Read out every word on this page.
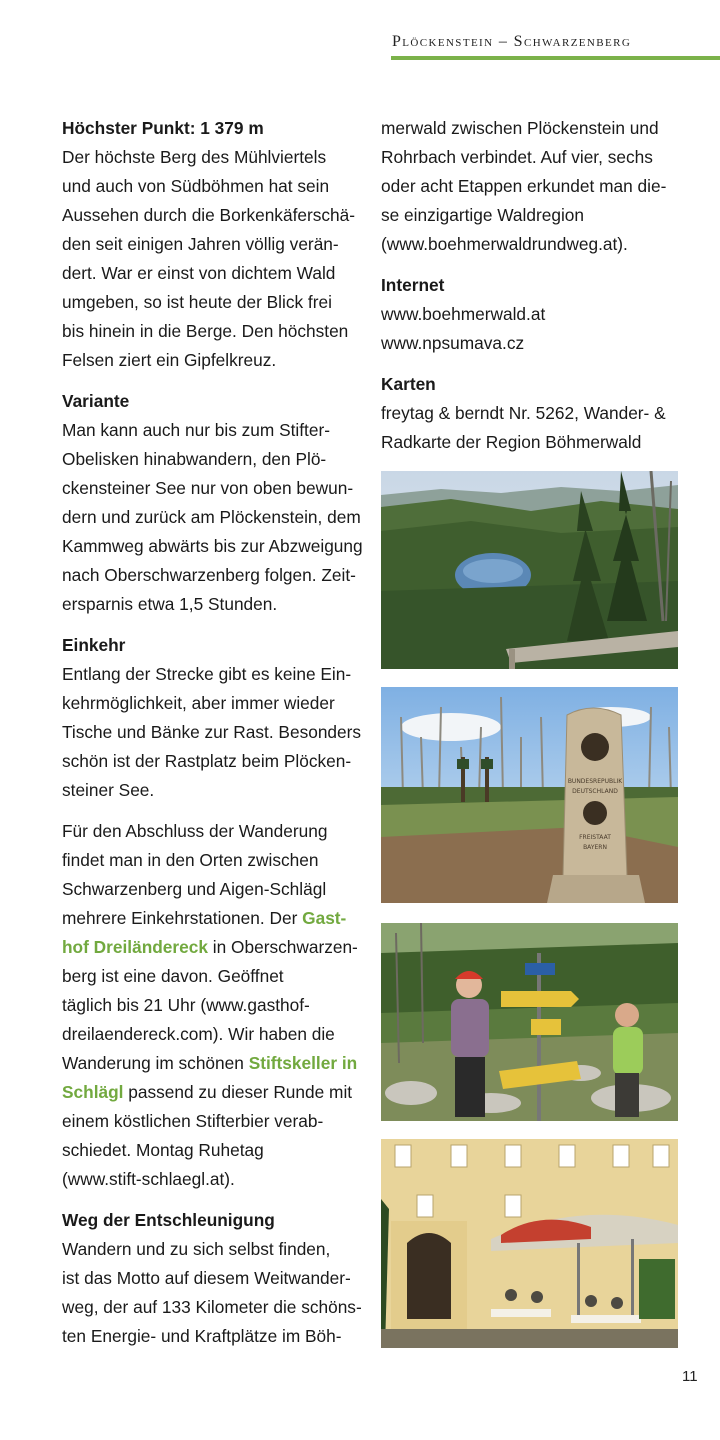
Plöckenstein – Schwarzenberg
Höchster Punkt: 1 379 m
Der höchste Berg des Mühlviertels
und auch von Südböhmen hat sein
Aussehen durch die Borkenkäferschä-
den seit einigen Jahren völlig verän-
dert. War er einst von dichtem Wald
umgeben, so ist heute der Blick frei
bis hinein in die Berge. Den höchsten
Felsen ziert ein Gipfelkreuz.
Variante
Man kann auch nur bis zum Stifter-
Obelisken hinabwandern, den Plö-
ckensteiner See nur von oben bewun-
dern und zurück am Plöckenstein, dem
Kammweg abwärts bis zur Abzweigung
nach Oberschwarzenberg folgen. Zeit-
ersparnis etwa 1,5 Stunden.
Einkehr
Entlang der Strecke gibt es keine Ein-
kehrmöglichkeit, aber immer wieder
Tische und Bänke zur Rast. Besonders
schön ist der Rastplatz beim Plöcken-
steiner See.
Für den Abschluss der Wanderung
findet man in den Orten zwischen
Schwarzenberg und Aigen-Schlägl
mehrere Einkehrstationen. Der Gast-
hof Dreiländereck in Oberschwarzen-
berg ist eine davon. Geöffnet
täglich bis 21 Uhr (www.gasthof-
dreilaendereck.com). Wir haben die
Wanderung im schönen Stiftskeller in
Schlägl passend zu dieser Runde mit
einem köstlichen Stifterbier verab-
schiedet. Montag Ruhetag
(www.stift-schlaegl.at).
Weg der Entschleunigung
Wandern und zu sich selbst finden,
ist das Motto auf diesem Weitwander-
weg, der auf 133 Kilometer die schöns-
ten Energie- und Kraftplätze im Böh-
merwald zwischen Plöckenstein und
Rohrbach verbindet. Auf vier, sechs
oder acht Etappen erkundet man die-
se einzigartige Waldregion
(www.boehmerwaldrundweg.at).
Internet
www.boehmerwald.at
www.npsumava.cz
Karten
freytag & berndt Nr. 5262, Wander- &
Radkarte der Region Böhmerwald
BUNDESREPUBLIK
DEUTSCHLAND
FREISTAAT
BAYERN
11
